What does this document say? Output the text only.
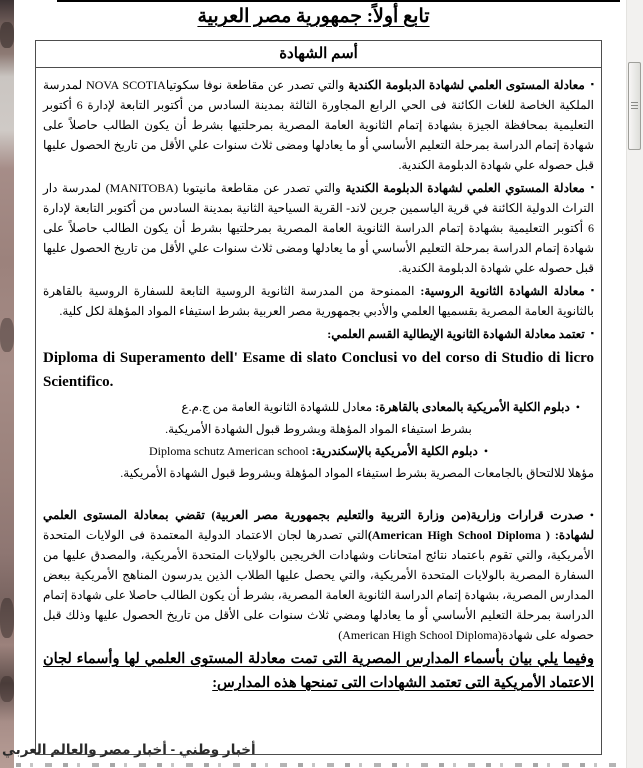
تابع أولاً: جمهورية مصر العربية
أسم الشهادة
▪معادلة المستوى العلمي لشهادة الدبلومة الكندية والتي تصدر عن مقاطعة نوفا سكوتياNOVA SCOTIA لمدرسة الملكية الخاصة للغات الكائنة فى الحي الرابع المجاورة الثالثة بمدينة السادس من أكتوبر التابعة لإدارة 6 أكتوبر التعليمية بمحافظة الجيزة بشهادة إتمام الثانوية العامة المصرية بمرحلتيها بشرط أن يكون الطالب حاصلاً على شهادة إتمام الدراسة بمرحلة التعليم الأساسي أو ما يعادلها ومضى ثلاث سنوات علي الأقل من تاريخ الحصول عليها قبل حصوله علي شهادة الدبلومة الكندية.
▪معادلة المستوي العلمي لشهادة الدبلومة الكندية والتي تصدر عن مقاطعة مانيتوبا (MANITOBA) لمدرسة دار التراث الدولية الكائنة في قرية الياسمين جرين لاند- القرية السياحية الثانية بمدينة السادس من أكتوبر التابعة لإدارة 6 أكتوبر التعليمية بشهادة إتمام الدراسة الثانوية العامة المصرية بمرحلتيها بشرط أن يكون الطالب حاصلاً على شهادة إتمام الدراسة بمرحلة التعليم الأساسي أو ما يعادلها ومضى ثلاث سنوات علي الأقل من تاريخ الحصول عليها قبل حصوله علي شهادة الدبلومة الكندية.
▪معادلة الشهادة الثانوية الروسية: الممنوحة من المدرسة الثانوية الروسية التابعة للسفارة الروسية بالقاهرة بالثانوية العامة المصرية بقسميها العلمي والأدبي بجمهورية مصر العربية بشرط استيفاء المواد المؤهلة لكل كلية.
▪تعتمد معادلة الشهادة الثانوية الإيطالية القسم العلمي:
Diploma di Superamento dell' Esame di slato Conclusi vo del corso di Studio di licro Scientifico.
•دبلوم الكلية الأمريكية بالمعادى بالقاهرة: معادل للشهادة الثانوية العامة من ج.م.ع
بشرط استيفاء المواد المؤهلة وبشروط قبول الشهادة الأمريكية.
•دبلوم الكلية الأمريكية بالإسكندرية: Diploma schutz American school
مؤهلا للالتحاق بالجامعات المصرية بشرط استيفاء المواد المؤهلة وبشروط قبول الشهادة الأمريكية.
•صدرت قرارات وزارية(من وزارة التربية والتعليم بجمهورية مصر العربية) تقضي بمعادلة المستوى العلمي لشهادة: ( (American High School Diplomaالتي تصدرها لجان الاعتماد الدولية المعتمدة فى الولايات المتحدة الأمريكية، والتي تقوم باعتماد نتائج امتحانات وشهادات الخريجين بالولايات المتحدة الأمريكية، والمصدق عليها من السفارة المصرية بالولايات المتحدة الأمريكية، والتي يحصل عليها الطلاب الذين يدرسون المناهج الأمريكية ببعض المدارس المصرية، بشهادة إتمام الدراسة الثانوية العامة المصرية، بشرط أن يكون الطالب حاصلا على شهادة إتمام الدراسة بمرحلة التعليم الأساسي أو ما يعادلها ومضي ثلاث سنوات على الأقل من تاريخ الحصول عليها وذلك قبل حصوله على شهادة(American High School Diploma)
وفيما يلي بيان بأسماء المدارس المصرية التى تمت معادلة المستوى العلمي لها وأسماء لجان الاعتماد الأمريكية التى تعتمد الشهادات التى تمنحها هذه المدارس:
أخبار وطني - أخبار مصر والعالم العربي
